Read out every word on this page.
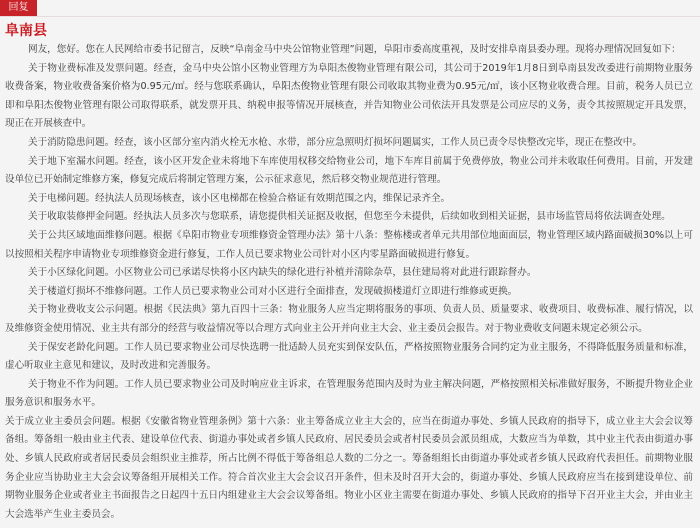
回复
阜南县

网友，您好。您在人民网给市委书记留言，反映“阜南金马中央公馆物业管理”问题，阜阳市委高度重视，及时安排阜南县委办理。现将办理情况回复如下：

关于物业费标准及发票问题。经查，金马中央公馆小区物业管理方为阜阳杰俊物业管理有限公司，其公司于2019年1月8日到阜南县发改委进行前期物业服务收费备案，物业收费备案价格为0.95元/㎡。经与您联系确认，阜阳杰俊物业管理有限公司收取其物业费为0.95元/㎡，该小区物业收费合理。目前，税务人员已立即和阜阳杰俊物业管理有限公司取得联系，就发票开具、纳税申报等情况开展核查，并告知物业公司依法开具发票是公司应尽的义务，责令其按照规定开具发票，现正在开展核查中。

关于消防隐患问题。经查，该小区部分室内消火栓无水枪、水带，部分应急照明灯损坏问题属实，工作人员已责令尽快整改完毕，现正在整改中。

关于地下室漏水问题。经查，该小区开发企业未将地下车库使用权移交给物业公司，地下车库目前属于免费停放，物业公司并未收取任何费用。目前，开发建设单位已开始制定维修方案，修复完成后将制定管理方案，公示征求意见，然后移交物业规范进行管理。

关于电梯问题。经执法人员现场核查，该小区电梯都在检验合格证有效期范围之内，维保记录齐全。

关于收取装修押金问题。经执法人员多次与您联系，请您提供相关证据及收据，但您至今未提供，后续如收到相关证据，县市场监管局将依法调查处理。

关于公共区域地面维修问题。根据《阜阳市物业专项维修资金管理办法》第十八条：整栋楼或者单元共用部位地面面层，物业管理区域内路面破损30%以上可以按照相关程序申请物业专项维修资金进行修复，工作人员已要求物业公司针对小区内零星路面破损进行修复。

关于小区绿化问题。小区物业公司已承诺尽快将小区内缺失的绿化进行补植并清除杂草，县住建局将对此进行跟踪督办。

关于楼道灯损坏不维修问题。工作人员已要求物业公司对小区进行全面排查，发现破损楼道灯立即进行维修或更换。

关于物业费收支公示问题。根据《民法典》第九百四十三条：物业服务人应当定期将服务的事项、负责人员、质量要求、收费项目、收费标准、履行情况，以及维修资金使用情况、业主共有部分的经营与收益情况等以合理方式向业主公开并向业主大会、业主委员会报告。对于物业费收支问题未规定必须公示。

关于保安老龄化问题。工作人员已要求物业公司尽快选聘一批适龄人员充实到保安队伍，严格按照物业服务合同约定为业主服务，不得降低服务质量和标准，虚心听取业主意见和建议，及时改进和完善服务。

关于物业不作为问题。工作人员已要求物业公司及时响应业主诉求，在管理服务范围内及时为业主解决问题，严格按照相关标准做好服务，不断提升物业企业服务意识和服务水平。

关于成立业主委员会问题。根据《安徽省物业管理条例》第十六条：业主筹备成立业主大会的，应当在街道办事处、乡镇人民政府的指导下，成立业主大会会议筹备组。筹备组一般由业主代表、建设单位代表、街道办事处或者乡镇人民政府、居民委员会或者村民委员会派员组成，大数应当为单数，其中业主代表由街道办事处、乡镇人民政府或者居民委员会组织业主推荐，所占比例不得低于筹备组总人数的二分之一。筹备组组长由街道办事处或者乡镇人民政府代表担任。前期物业服务企业应当协助业主大会会议筹备组开展相关工作。符合首次业主大会会议召开条件，但未及时召开大会的，街道办事处、乡镇人民政府应当在接到建设单位、前期物业服务企业或者业主书面报告之日起四十五日内组建业主大会会议筹备组。物业小区业主需要在街道办事处、乡镇人民政府的指导下召开业主大会，并由业主大会选举产生业主委员会。
